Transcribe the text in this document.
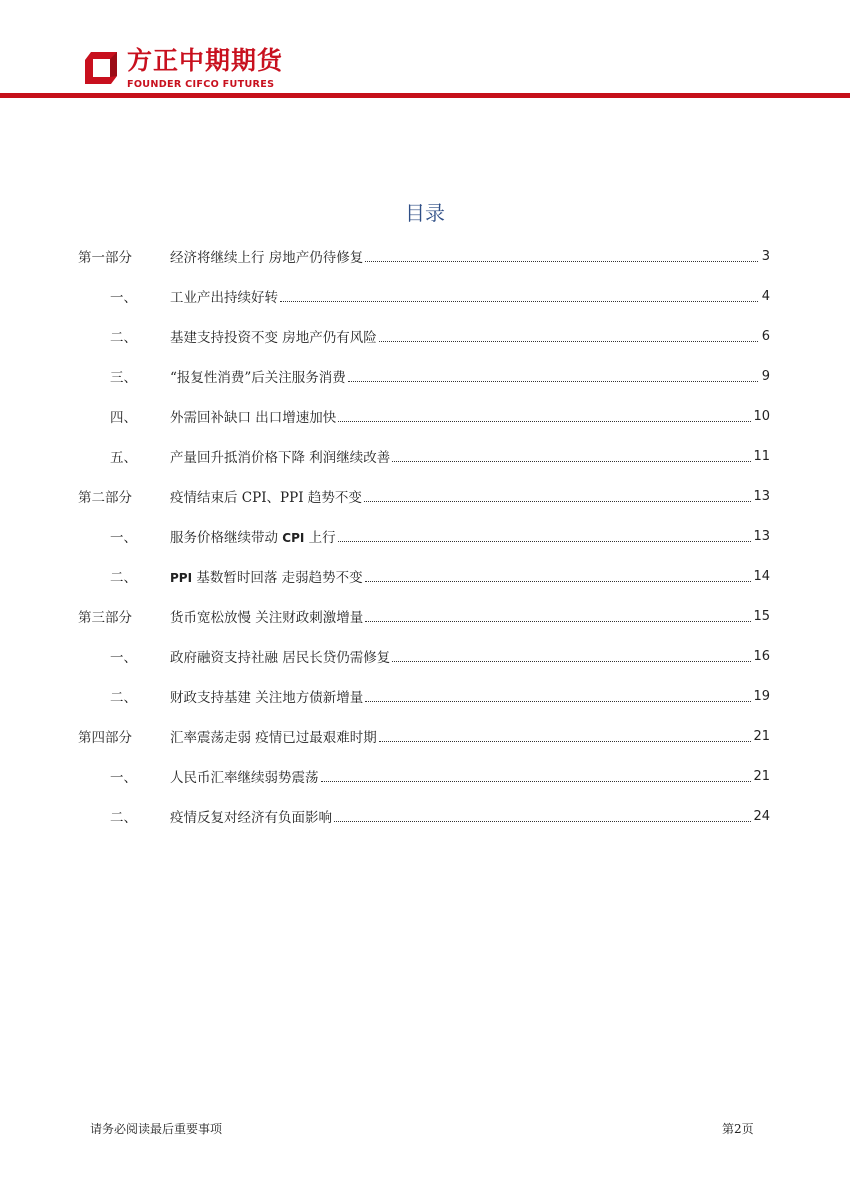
方正中期期货
FOUNDER CIFCO FUTURES
目录
第一部分	经济将继续上行 房地产仍待修复	3
一、	工业产出持续好转	4
二、	基建支持投资不变 房地产仍有风险	6
三、	“报复性消费”后关注服务消费	9
四、	外需回补缺口 出口增速加快	10
五、	产量回升抵消价格下降 利润继续改善	11
第二部分	疫情结束后 CPI、PPI 趋势不变	13
一、	服务价格继续带动 CPI 上行	13
二、	PPI 基数暂时回落 走弱趋势不变	14
第三部分	货币宽松放慢 关注财政刺激增量	15
一、	政府融资支持社融 居民长贷仍需修复	16
二、	财政支持基建 关注地方债新增量	19
第四部分	汇率震荡走弱 疫情已过最艰难时期	21
一、	人民币汇率继续弱势震荡	21
二、	疫情反复对经济有负面影响	24
请务必阅读最后重要事项	第2页
